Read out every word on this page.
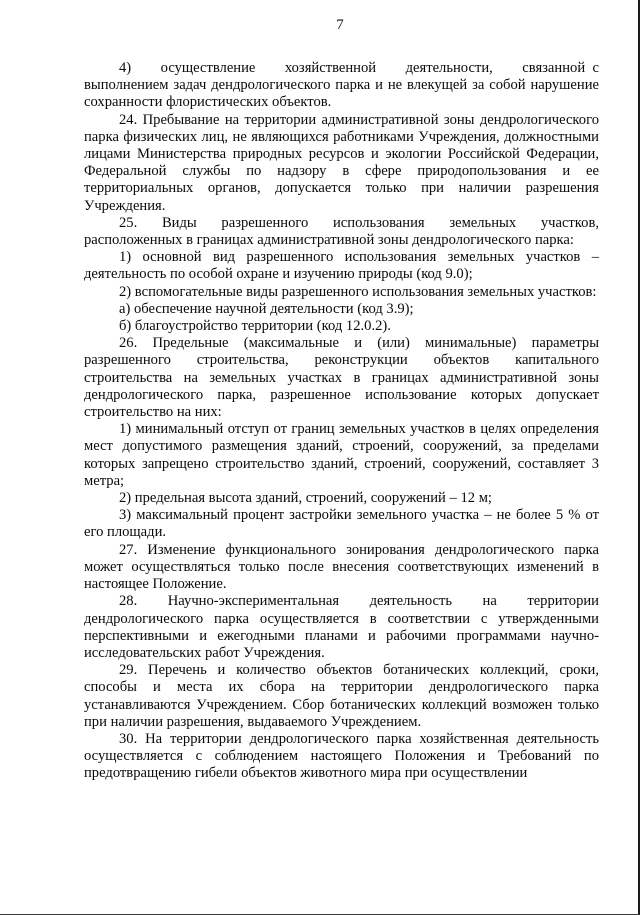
7

4)    осуществление    хозяйственной    деятельности,    связанной с выполнением задач дендрологического парка и не влекущей за собой нарушение сохранности флористических объектов.

24. Пребывание на территории административной зоны дендрологического парка физических лиц, не являющихся работниками Учреждения, должностными лицами Министерства природных ресурсов и экологии Российской Федерации, Федеральной службы по надзору в сфере природопользования и ее территориальных органов, допускается только при наличии разрешения Учреждения.

25.   Виды   разрешенного   использования   земельных   участков, расположенных в границах административной зоны дендрологического парка:

1) основной вид разрешенного использования земельных участков – деятельность по особой охране и изучению природы (код 9.0);

2) вспомогательные виды разрешенного использования земельных участков:

а) обеспечение научной деятельности (код 3.9);

б) благоустройство территории (код 12.0.2).

26. Предельные (максимальные и (или) минимальные) параметры разрешенного строительства, реконструкции объектов капитального строительства на земельных участках в границах административной зоны дендрологического парка, разрешенное использование которых допускает строительство на них:

1) минимальный отступ от границ земельных участков в целях определения мест допустимого размещения зданий, строений, сооружений, за пределами которых запрещено строительство зданий, строений, сооружений, составляет 3 метра;

2) предельная высота зданий, строений, сооружений – 12 м;

3) максимальный процент застройки земельного участка – не более 5 % от его площади.

27. Изменение функционального зонирования дендрологического парка может осуществляться только после внесения соответствующих изменений в настоящее Положение.

28.    Научно-экспериментальная    деятельность    на    территории дендрологического парка осуществляется в соответствии с утвержденными перспективными и ежегодными планами и рабочими программами научно-исследовательских работ Учреждения.

29. Перечень и количество объектов ботанических коллекций, сроки, способы и места их сбора на территории дендрологического парка устанавливаются Учреждением. Сбор ботанических коллекций возможен только при наличии разрешения, выдаваемого Учреждением.

30. На территории дендрологического парка хозяйственная деятельность осуществляется с соблюдением настоящего Положения и Требований по предотвращению гибели объектов животного мира при осуществлении
